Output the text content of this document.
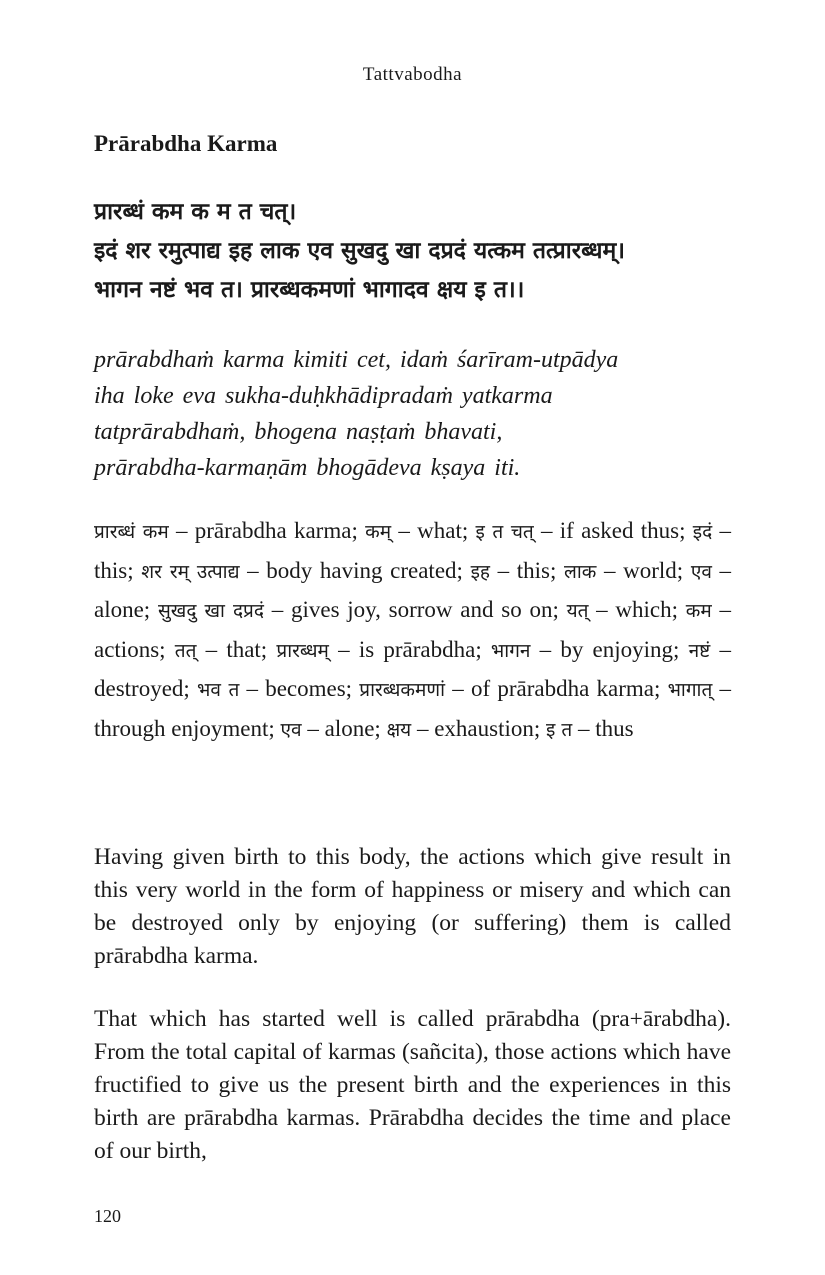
Tattvabodha
Prārabdha Karma
प्रारब्धं कम क म त चत्।
इदं शर रमुत्पाद्य इह लाक एव सुखदु खा दप्रदं यत्कम तत्प्रारब्धम्।
भागन नष्टं भव त। प्रारब्धकमणां भागादव क्षय इ त।।
prārabdhaṁ karma kimiti cet, idaṁ śarīram-utpādya
iha loke eva sukha-duḥkhādipradaṁ yatkarma
tatprārabdhaṁ, bhogena naṣṭaṁ bhavati,
prārabdha-karmaṇām bhogādeva kṣaya iti.
प्रारब्धं कम – prārabdha karma; कम् – what; इ त चत् – if asked thus; इदं – this; शर रम् उत्पाद्य – body having created; इह – this; लाक – world; एव – alone; सुखदु खा दप्रदं – gives joy, sorrow and so on; यत् – which; कम – actions; तत् – that; प्रारब्धम् – is prārabdha; भागन – by enjoying; नष्टं – destroyed; भव त – becomes; प्रारब्धकमणां – of prārabdha karma; भागात् – through enjoyment; एव – alone; क्षय – exhaustion; इ त – thus

Having given birth to this body, the actions which give result in this very world in the form of happiness or misery and which can be destroyed only by enjoying (or suffering) them is called prārabdha karma.

That which has started well is called prārabdha (pra+ārabdha). From the total capital of karmas (sañcita), those actions which have fructified to give us the present birth and the experiences in this birth are prārabdha karmas. Prārabdha decides the time and place of our birth,

120
